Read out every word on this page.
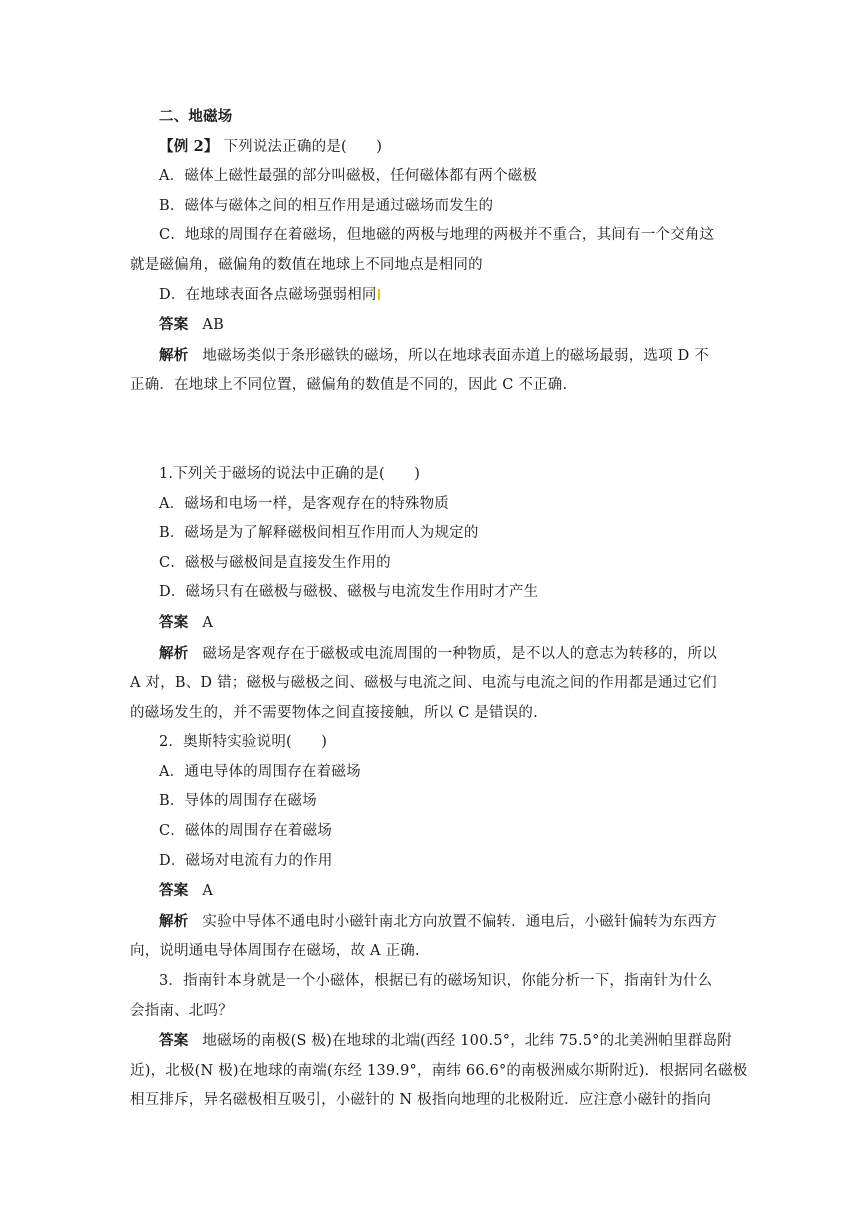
二、地磁场
【例 2】 下列说法正确的是(　　)
A．磁体上磁性最强的部分叫磁极，任何磁体都有两个磁极
B．磁体与磁体之间的相互作用是通过磁场而发生的
C．地球的周围存在着磁场，但地磁的两极与地理的两极并不重合，其间有一个交角这
就是磁偏角，磁偏角的数值在地球上不同地点是相同的
D．在地球表面各点磁场强弱相同
答案 AB
解析 地磁场类似于条形磁铁的磁场，所以在地球表面赤道上的磁场最弱，选项 D 不
正确．在地球上不同位置，磁偏角的数值是不同的，因此 C 不正确.
1.下列关于磁场的说法中正确的是(　　)
A．磁场和电场一样，是客观存在的特殊物质
B．磁场是为了解释磁极间相互作用而人为规定的
C．磁极与磁极间是直接发生作用的
D．磁场只有在磁极与磁极、磁极与电流发生作用时才产生
答案 A
解析 磁场是客观存在于磁极或电流周围的一种物质，是不以人的意志为转移的，所以
A 对，B、D 错；磁极与磁极之间、磁极与电流之间、电流与电流之间的作用都是通过它们
的磁场发生的，并不需要物体之间直接接触，所以 C 是错误的.
2．奥斯特实验说明(　　)
A．通电导体的周围存在着磁场
B．导体的周围存在磁场
C．磁体的周围存在着磁场
D．磁场对电流有力的作用
答案 A
解析 实验中导体不通电时小磁针南北方向放置不偏转．通电后，小磁针偏转为东西方
向，说明通电导体周围存在磁场，故 A 正确.
3．指南针本身就是一个小磁体，根据已有的磁场知识，你能分析一下，指南针为什么
会指南、北吗？
答案 地磁场的南极(S 极)在地球的北端(西经 100.5°，北纬 75.5°的北美洲帕里群岛附
近)，北极(N 极)在地球的南端(东经 139.9°，南纬 66.6°的南极洲威尔斯附近)．根据同名磁极
相互排斥，异名磁极相互吸引，小磁针的 N 极指向地理的北极附近．应注意小磁针的指向
